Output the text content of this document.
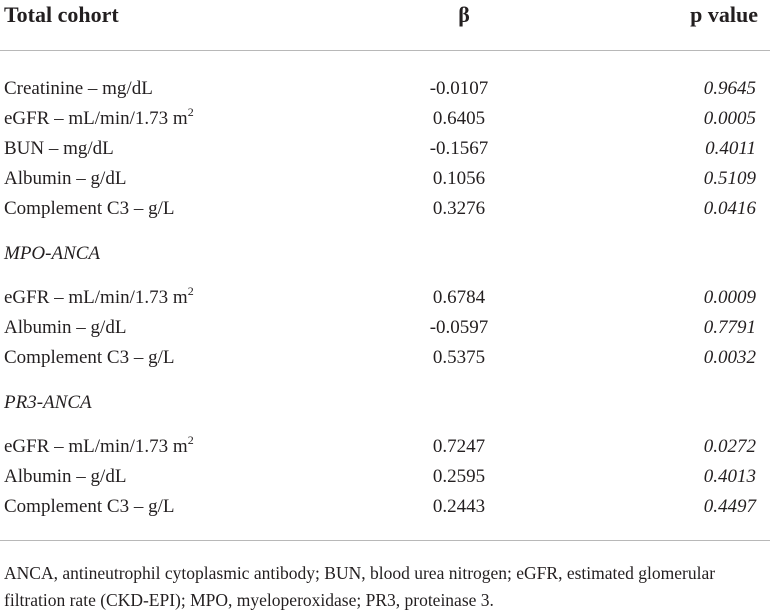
Total cohort	β	p value
Creatinine – mg/dL	-0.0107	0.9645
eGFR – mL/min/1.73 $m^2$	0.6405	0.0005
BUN – mg/dL	-0.1567	0.4011
Albumin – g/dL	0.1056	0.5109
Complement C3 – g/L	0.3276	0.0416
MPO-ANCA
eGFR – mL/min/1.73 $m^2$	0.6784	0.0009
Albumin – g/dL	-0.0597	0.7791
Complement C3 – g/L	0.5375	0.0032
PR3-ANCA
eGFR – mL/min/1.73 $m^2$	0.7247	0.0272
Albumin – g/dL	0.2595	0.4013
Complement C3 – g/L	0.2443	0.4497
ANCA, antineutrophil cytoplasmic antibody; BUN, blood urea nitrogen; eGFR, estimated glomerular filtration rate (CKD-EPI); MPO, myeloperoxidase; PR3, proteinase 3.
